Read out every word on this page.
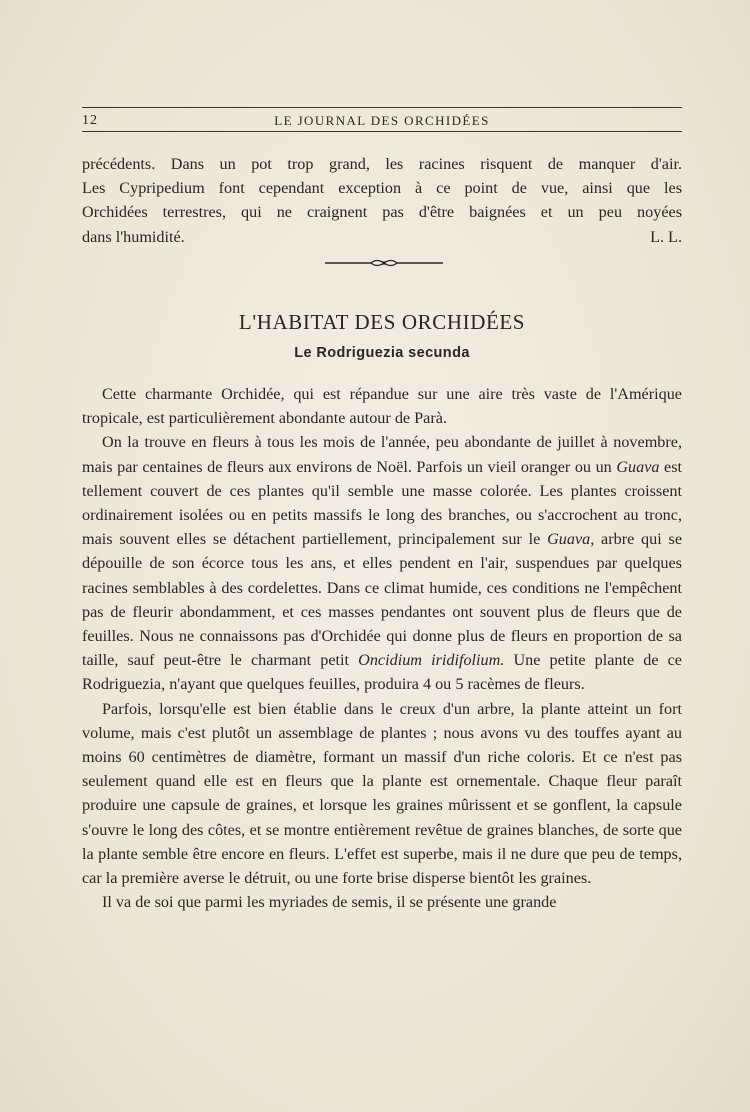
12	LE JOURNAL DES ORCHIDÉES

précédents. Dans un pot trop grand, les racines risquent de manquer d'air.

Les Cypripedium font cependant exception à ce point de vue, ainsi que les

Orchidées terrestres, qui ne craignent pas d'être baignées et un peu noyées

dans l'humidité.	L. L.

L'HABITAT DES ORCHIDÉES
Le Rodriguezia secunda

Cette charmante Orchidée, qui est répandue sur une aire très vaste de l'Amérique tropicale, est particulièrement abondante autour de Parà.

On la trouve en fleurs à tous les mois de l'année, peu abondante de juillet à novembre, mais par centaines de fleurs aux environs de Noël. Parfois un vieil oranger ou un Guava est tellement couvert de ces plantes qu'il semble une masse colorée. Les plantes croissent ordinairement isolées ou en petits massifs le long des branches, ou s'accrochent au tronc, mais souvent elles se détachent partiellement, principalement sur le Guava, arbre qui se dépouille de son écorce tous les ans, et elles pendent en l'air, suspendues par quelques racines semblables à des cordelettes. Dans ce climat humide, ces conditions ne l'empêchent pas de fleurir abondamment, et ces masses pendantes ont souvent plus de fleurs que de feuilles. Nous ne connaissons pas d'Orchidée qui donne plus de fleurs en proportion de sa taille, sauf peut-être le charmant petit Oncidium iridifolium. Une petite plante de ce Rodriguezia, n'ayant que quelques feuilles, produira 4 ou 5 racèmes de fleurs.

Parfois, lorsqu'elle est bien établie dans le creux d'un arbre, la plante atteint un fort volume, mais c'est plutôt un assemblage de plantes ; nous avons vu des touffes ayant au moins 60 centimètres de diamètre, formant un massif d'un riche coloris. Et ce n'est pas seulement quand elle est en fleurs que la plante est ornementale. Chaque fleur paraît produire une capsule de graines, et lorsque les graines mûrissent et se gonflent, la capsule s'ouvre le long des côtes, et se montre entièrement revêtue de graines blanches, de sorte que la plante semble être encore en fleurs. L'effet est superbe, mais il ne dure que peu de temps, car la première averse le détruit, ou une forte brise disperse bientôt les graines.

Il va de soi que parmi les myriades de semis, il se présente une grande
